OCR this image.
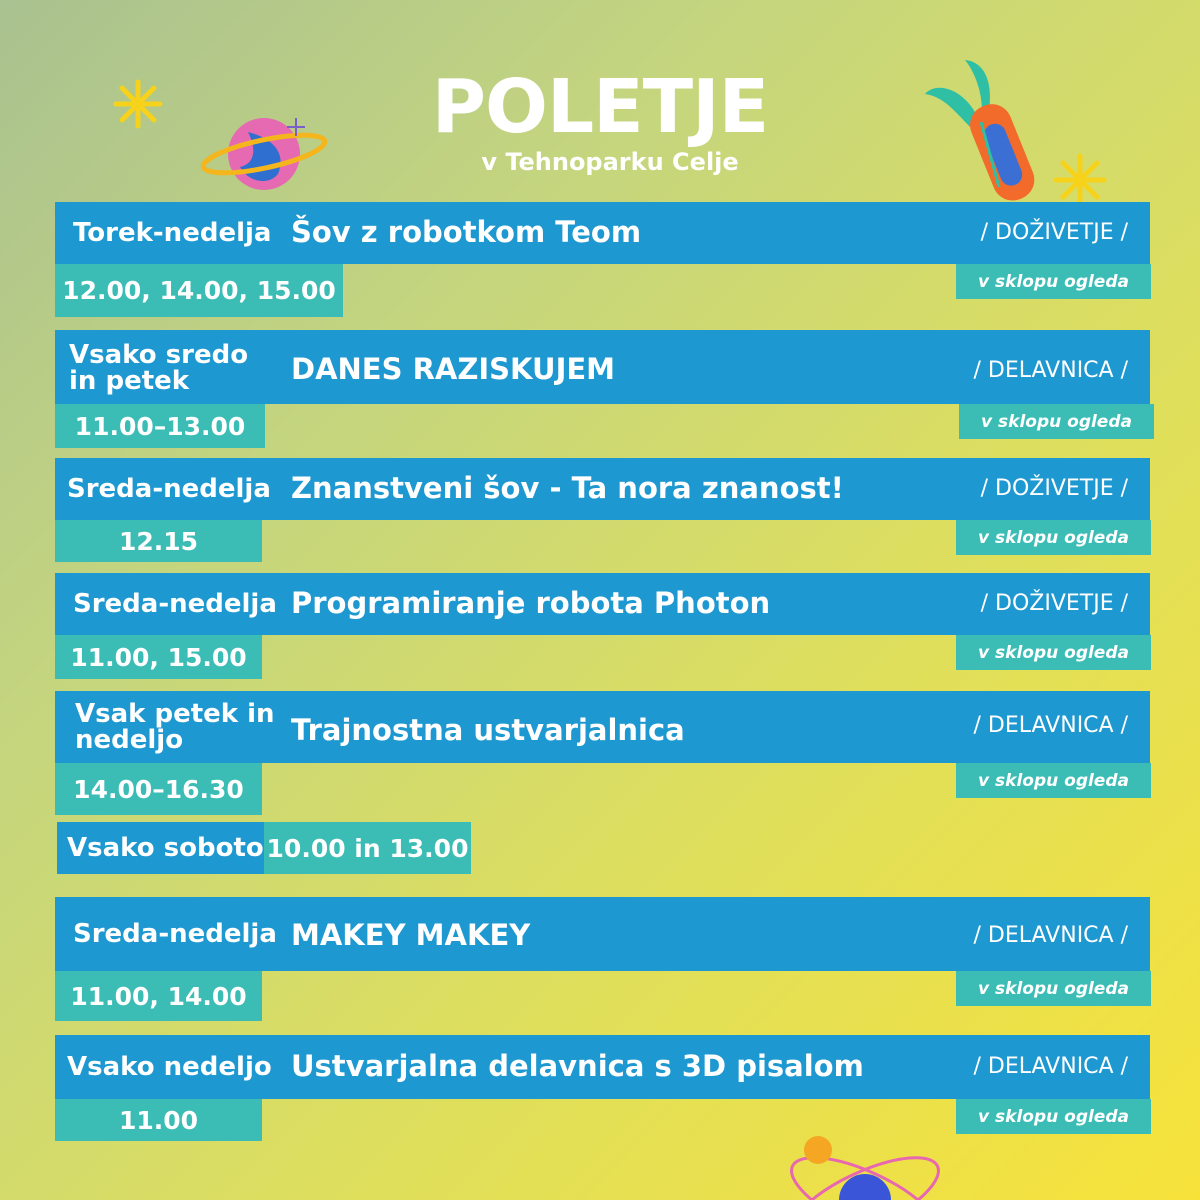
POLETJE
v Tehnoparku Celje
Torek-nedelja Šov z robotkom Teom	/ DOŽIVETJE /
12.00, 14.00, 15.00	v sklopu ogleda
Vsako sredo
in petek	DANES RAZISKUJEM	/ DELAVNICA /
11.00–13.00	v sklopu ogleda
Sreda-nedelja Znanstveni šov - Ta nora znanost!	/ DOŽIVETJE /
12.15	v sklopu ogleda
Sreda-nedelja Programiranje robota Photon	/ DOŽIVETJE /
11.00, 15.00	v sklopu ogleda
Vsak petek in
nedeljo	Trajnostna ustvarjalnica	/ DELAVNICA /
14.00–16.30	v sklopu ogleda
Vsako soboto 10.00 in 13.00
Sreda-nedelja MAKEY MAKEY	/ DELAVNICA /
11.00, 14.00	v sklopu ogleda
Vsako nedeljo Ustvarjalna delavnica s 3D pisalom	/ DELAVNICA /
11.00	v sklopu ogleda
